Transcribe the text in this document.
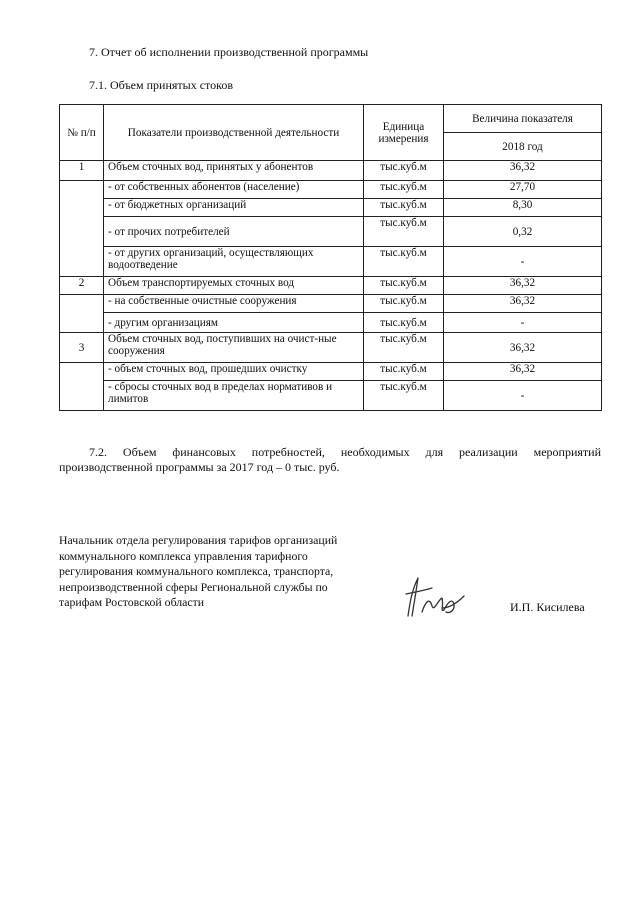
7. Отчет об исполнении производственной программы
7.1. Объем принятых стоков
№ п/п	Показатели производственной деятельности	Единица измерения	Величина показателя
			2018 год
1	Объем сточных вод, принятых у абонентов	тыс.куб.м	36,32
	- от собственных абонентов (население)	тыс.куб.м	27,70
	- от бюджетных организаций	тыс.куб.м	8,30
	- от прочих потребителей	тыс.куб.м	0,32
	- от других организаций, осуществляющих водоотведение	тыс.куб.м	-
2	Объем транспортируемых сточных вод	тыс.куб.м	36,32
	- на собственные очистные сооружения	тыс.куб.м	36,32
	- другим организациям	тыс.куб.м	-
3	Объем сточных вод, поступивших на очист-ные сооружения	тыс.куб.м	36,32
	- объем сточных вод, прошедших очистку	тыс.куб.м	36,32
	- сбросы сточных вод в пределах нормативов и лимитов	тыс.куб.м	-
7.2. Объем финансовых потребностей, необходимых для реализации мероприятий производственной программы за 2017 год – 0 тыс. руб.
Начальник отдела регулирования тарифов организаций
коммунального комплекса управления тарифного
регулирования коммунального комплекса, транспорта,
непроизводственной сферы Региональной службы по
тарифам Ростовской области	И.П. Кисилева
